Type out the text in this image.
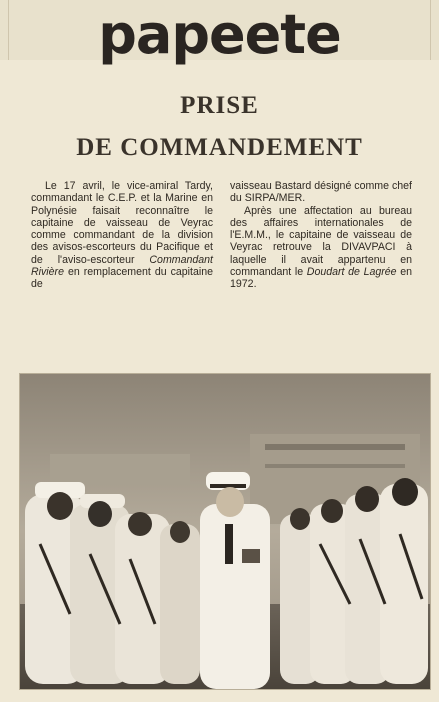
papeete
PRISE
DE COMMANDEMENT

Le 17 avril, le vice-amiral Tardy, commandant le C.E.P. et la Marine en Polynésie faisait reconnaître le capitaine de vaisseau de Veyrac comme commandant de la division des avisos-escorteurs du Pacifique et de l'aviso-escorteur Commandant Rivière en remplacement du capitaine de

vaisseau Bastard désigné comme chef du SIRPA/MER.

Après une affectation au bureau des affaires internationales de l'E.M.M., le capitaine de vaisseau de Veyrac retrouve la DIVAVPACI à laquelle il avait appartenu en commandant le Doudart de Lagrée en 1972.
